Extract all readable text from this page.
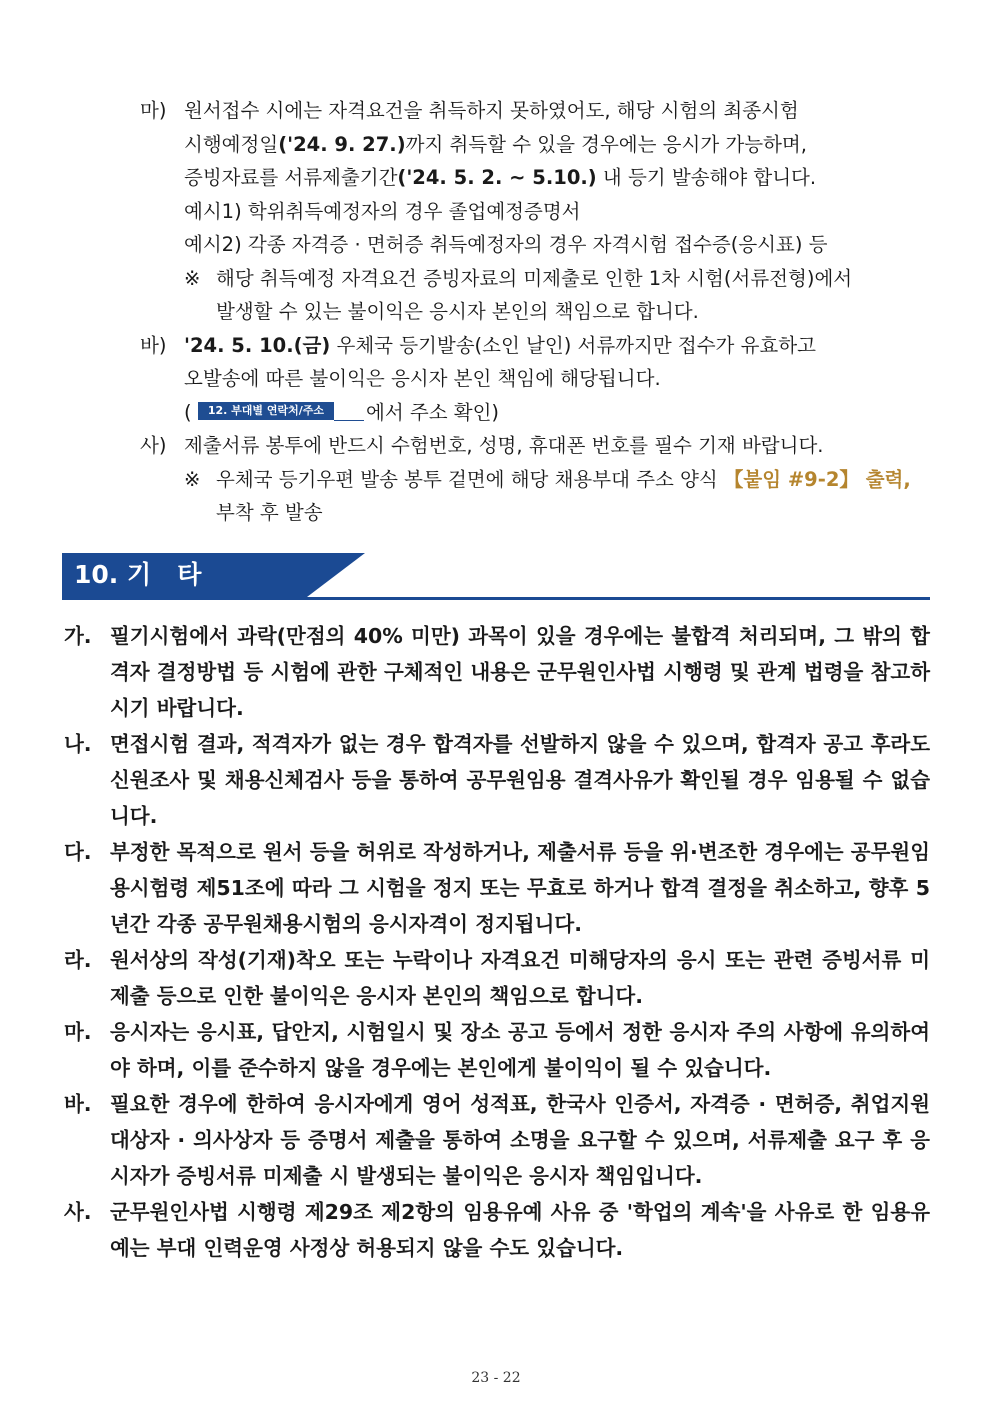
마) 원서접수 시에는 자격요건을 취득하지 못하였어도, 해당 시험의 최종시험
시행예정일('24. 9. 27.)까지 취득할 수 있을 경우에는 응시가 가능하며,
증빙자료를 서류제출기간('24. 5. 2. ~ 5.10.) 내 등기 발송해야 합니다.
예시1) 학위취득예정자의 경우 졸업예정증명서
예시2) 각종 자격증 · 면허증 취득예정자의 경우 자격시험 접수증(응시표) 등
※ 해당 취득예정 자격요건 증빙자료의 미제출로 인한 1차 시험(서류전형)에서
발생할 수 있는 불이익은 응시자 본인의 책임으로 합니다.
바) '24. 5. 10.(금) 우체국 등기발송(소인 날인) 서류까지만 접수가 유효하고
오발송에 따른 불이익은 응시자 본인 책임에 해당됩니다.
( 12. 부대별 연락처/주소 에서 주소 확인)
사) 제출서류 봉투에 반드시 수험번호, 성명, 휴대폰 번호를 필수 기재 바랍니다.
※ 우체국 등기우편 발송 봉투 겉면에 해당 채용부대 주소 양식 【붙임 #9-2】 출력,
부착 후 발송
10. 기   타
가. 필기시험에서 과락(만점의 40% 미만) 과목이 있을 경우에는 불합격 처리되며, 그 밖의 합격자 결정방법 등 시험에 관한 구체적인 내용은 군무원인사법 시행령 및 관계 법령을 참고하시기 바랍니다.
나. 면접시험 결과, 적격자가 없는 경우 합격자를 선발하지 않을 수 있으며, 합격자 공고 후라도 신원조사 및 채용신체검사 등을 통하여 공무원임용 결격사유가 확인될 경우 임용될 수 없습니다.
다. 부정한 목적으로 원서 등을 허위로 작성하거나, 제출서류 등을 위·변조한 경우에는 공무원임용시험령 제51조에 따라 그 시험을 정지 또는 무효로 하거나 합격 결정을 취소하고, 향후 5년간 각종 공무원채용시험의 응시자격이 정지됩니다.
라. 원서상의 작성(기재)착오 또는 누락이나 자격요건 미해당자의 응시 또는 관련 증빙서류 미제출 등으로 인한 불이익은 응시자 본인의 책임으로 합니다.
마. 응시자는 응시표, 답안지, 시험일시 및 장소 공고 등에서 정한 응시자 주의 사항에 유의하여야 하며, 이를 준수하지 않을 경우에는 본인에게 불이익이 될 수 있습니다.
바. 필요한 경우에 한하여 응시자에게 영어 성적표, 한국사 인증서, 자격증 · 면허증, 취업지원대상자 · 의사상자 등 증명서 제출을 통하여 소명을 요구할 수 있으며, 서류제출 요구 후 응시자가 증빙서류 미제출 시 발생되는 불이익은 응시자 책임입니다.
사. 군무원인사법 시행령 제29조 제2항의 임용유예 사유 중 '학업의 계속'을 사유로 한 임용유예는 부대 인력운영 사정상 허용되지 않을 수도 있습니다.
23 - 22
